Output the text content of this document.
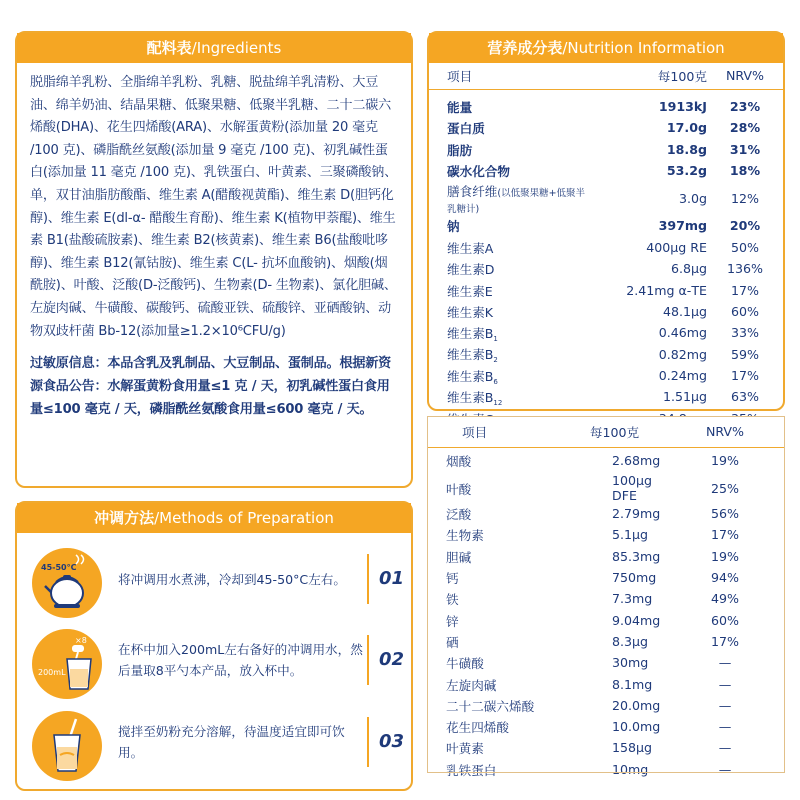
配料表/Ingredients
脱脂绵羊乳粉、全脂绵羊乳粉、乳糖、脱盐绵羊乳清粉、大豆油、绵羊奶油、结晶果糖、低聚果糖、低聚半乳糖、二十二碳六烯酸(DHA)、花生四烯酸(ARA)、水解蛋黄粉(添加量 20 毫克 /100 克)、磷脂酰丝氨酸(添加量 9 毫克 /100 克)、初乳碱性蛋白(添加量 11 毫克 /100 克)、乳铁蛋白、叶黄素、三聚磷酸钠、单，双甘油脂肪酸酯、维生素 A(醋酸视黄酯)、维生素 D(胆钙化醇)、维生素 E(dl-α- 醋酸生育酚)、维生素 K(植物甲萘醌)、维生素 B1(盐酸硫胺素)、维生素 B2(核黄素)、维生素 B6(盐酸吡哆醇)、维生素 B12(氰钴胺)、维生素 C(L- 抗坏血酸钠)、烟酸(烟酰胺)、叶酸、泛酸(D-泛酸钙)、生物素(D- 生物素)、氯化胆碱、左旋肉碱、牛磺酸、碳酸钙、硫酸亚铁、硫酸锌、亚硒酸钠、动物双歧杆菌 Bb-12(添加量≥1.2×10⁶CFU/g)
过敏原信息：本品含乳及乳制品、大豆制品、蛋制品。根据新资源食品公告：水解蛋黄粉食用量≤1 克 / 天，初乳碱性蛋白食用量≤100 毫克 / 天，磷脂酰丝氨酸食用量≤600 毫克 / 天。
冲调方法/Methods of Preparation
45-50°C
将冲调用水煮沸，冷却到45-50°C左右。	01
×8
200mL
在杯中加入200mL左右备好的冲调用水，然后量取8平勺本产品，放入杯中。
02
搅拌至奶粉充分溶解，待温度适宜即可饮用。
03
营养成分表/Nutrition Information
项目	每100克	NRV%
能量	1913kJ	23%
蛋白质	17.0g	28%
脂肪	18.8g	31%
碳水化合物	53.2g	18%
膳食纤维(以低聚果糖+低聚半乳糖计)	3.0g	12%
钠	397mg	20%
维生素A	400μg RE	50%
维生素D	6.8μg	136%
维生素E	2.41mg α-TE	17%
维生素K	48.1μg	60%
维生素$B_1$	0.46mg	33%
维生素$B_2$	0.82mg	59%
维生素$B_6$	0.24mg	17%
维生素$B_{12}$	1.51μg	63%

项目	每100克	NRV%
烟酸	2.68mg	19%
叶酸	100μg DFE	25%
泛酸	2.79mg	56%
生物素	5.1μg	17%
胆碱	85.3mg	19%
钙	750mg	94%
铁	7.3mg	49%
锌	9.04mg	60%
硒	8.3μg	17%
牛磺酸	30mg	—
左旋肉碱	8.1mg	—
二十二碳六烯酸	20.0mg	—
花生四烯酸	10.0mg	—
叶黄素	158μg	—
乳铁蛋白	10mg	—
